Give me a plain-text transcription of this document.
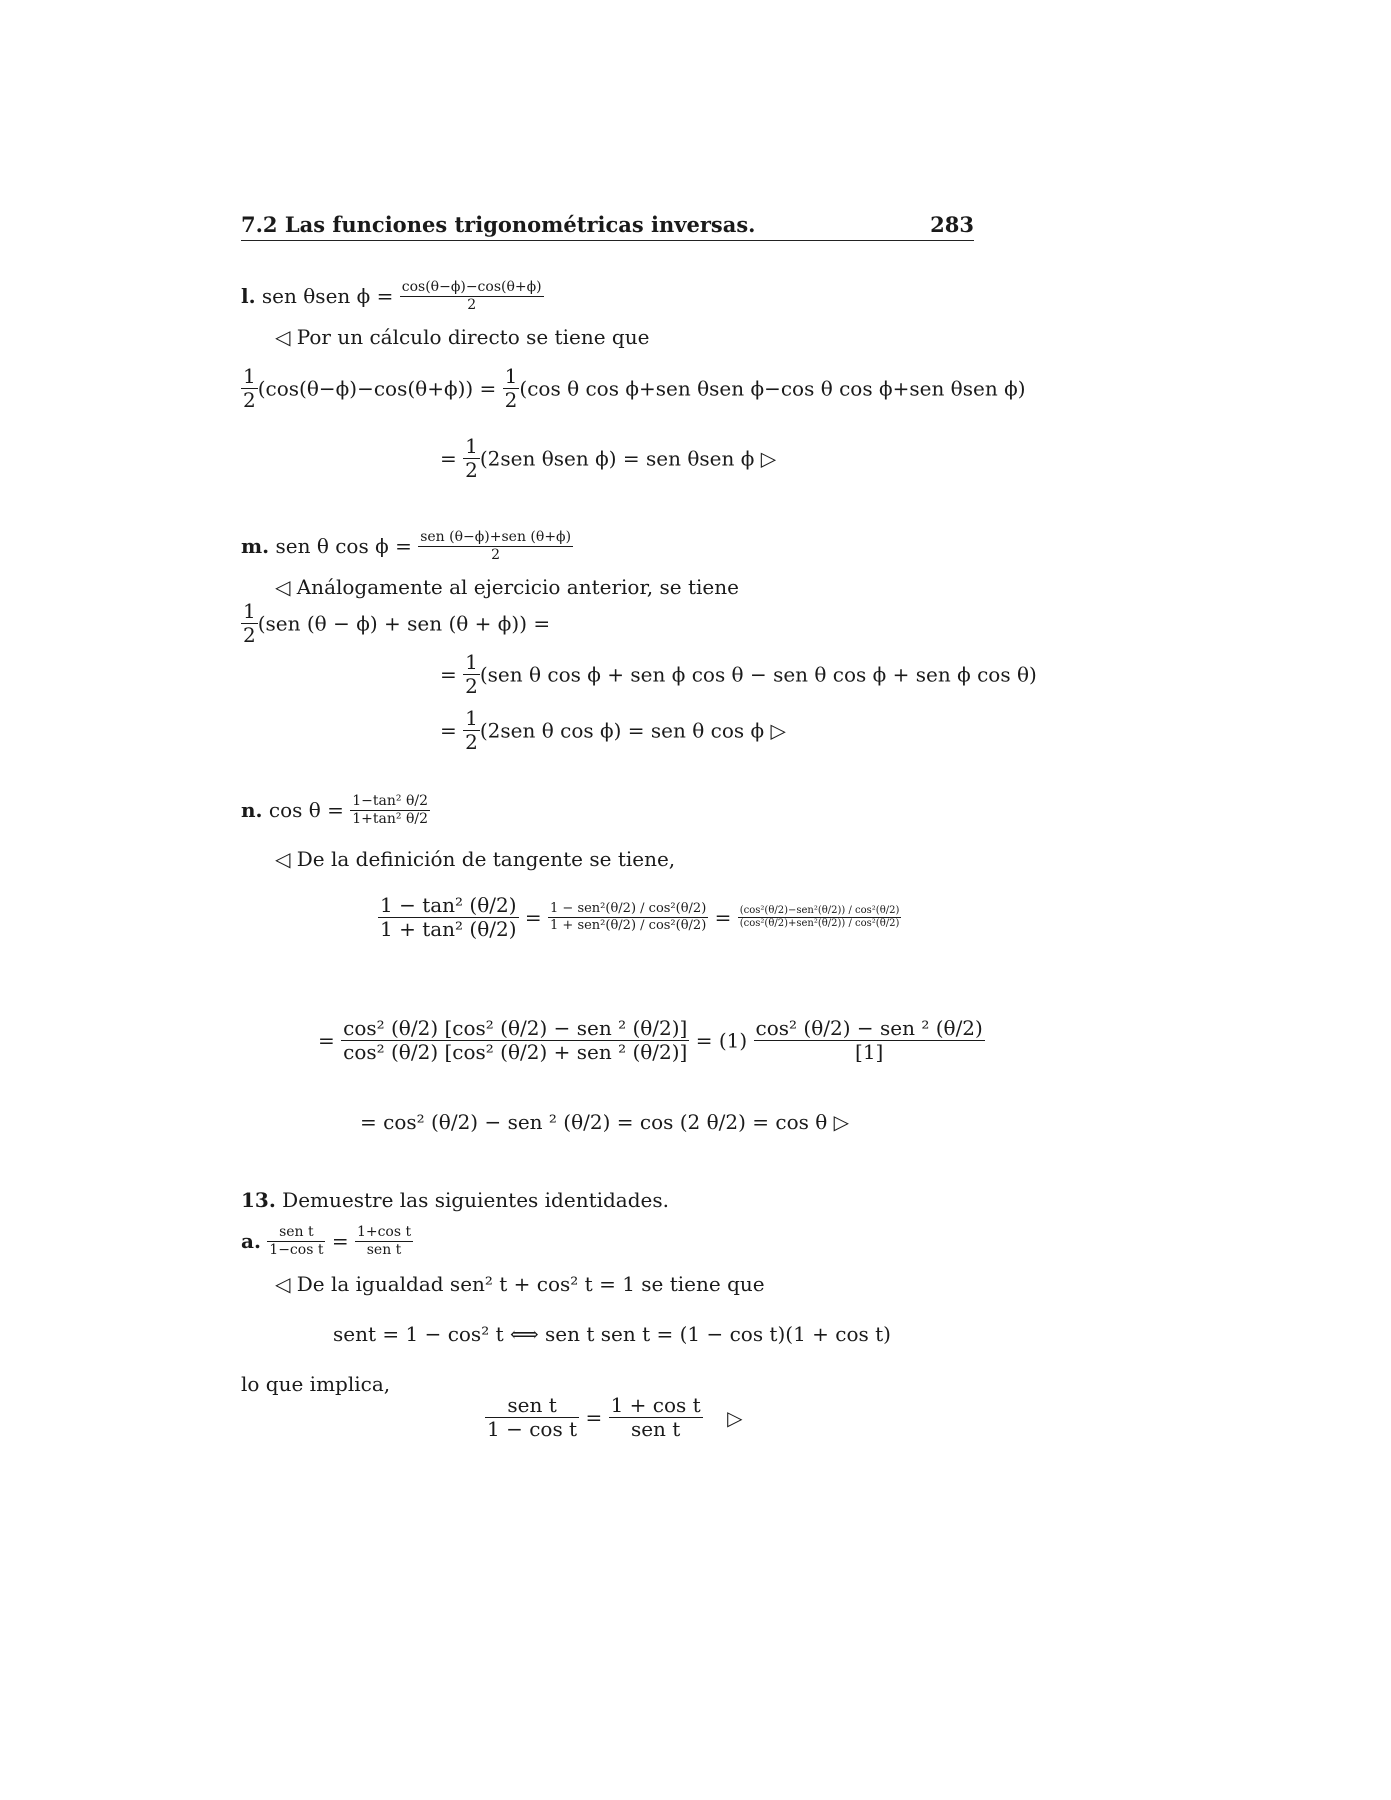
7.2 Las funciones trigonométricas inversas.	283
l. sen θsen $\phi = \frac{\cos(\theta-\phi)-\cos(\theta+\phi)}{2}$
◁ Por un cálculo directo se tiene que
$\frac{1}{2} (\cos(\theta-\phi)-\cos(\theta+\phi)) = \frac{1}{2} (\cos$ θ cos ϕ+sen θsen ϕ−cos θ cos ϕ+sen θsen ϕ)
= $\frac{1}{2} (2sen$ θsen ϕ) = sen θsen ϕ ▷
m. sen θ $\cos \phi = \frac{\text{sen (θ−ϕ)+sen (θ+ϕ)}}{2}$
◁ Análogamente al ejercicio anterior, se tiene
$\frac{1}{2} (sen$ (θ − ϕ) + sen (θ + ϕ)) =
= $\frac{1}{2} (sen$ θ cos ϕ + sen ϕ cos θ − sen θ cos ϕ + sen ϕ cos θ)
= $\frac{1}{2} (2sen$ θ cos ϕ) = sen θ cos ϕ ▷
n. $\cos \theta = \frac{\text{1−tan² θ/2}}{\text{1+tan² θ/2}}$
◁ De la definición de tangente se tiene,
$\frac{\text{1 − tan² (θ/2)}}{\text{1 + tan² (θ/2)}} = \frac{\text{1 − sen²(θ/2) / cos²(θ/2)}}{\text{1 + sen²(θ/2) / cos²(θ/2)}} = \frac{\text{(cos²(θ/2)−sen²(θ/2)) / cos²(θ/2)}}{\text{(cos²(θ/2)+sen²(θ/2)) / cos²(θ/2)}}$
= $\frac{\text{cos² (θ/2) [cos² (θ/2) − sen ² (θ/2)]}}{\text{cos² (θ/2) [cos² (θ/2) + sen ² (θ/2)]}} = (1) \frac{\text{cos² (θ/2) − sen ² (θ/2)}}{[1]}$
= cos² (θ/2) − sen ² (θ/2) = cos (2 θ/2) = cos θ ▷
13. Demuestre las siguientes identidades.
a. $\frac{\text{sen t}}{\text{1−cos t}} = \frac{\text{1+cos t}}{\text{sen t}}$
◁ De la igualdad sen² t + cos² t = 1 se tiene que
sent = 1 − cos² t ⟺ sen t sen t = (1 − cos t)(1 + cos t)
lo que implica,
$\frac{\text{sen t}}{\text{1 − cos t}} = \frac{\text{1 + cos t}}{\text{sen t}}$ ▷
